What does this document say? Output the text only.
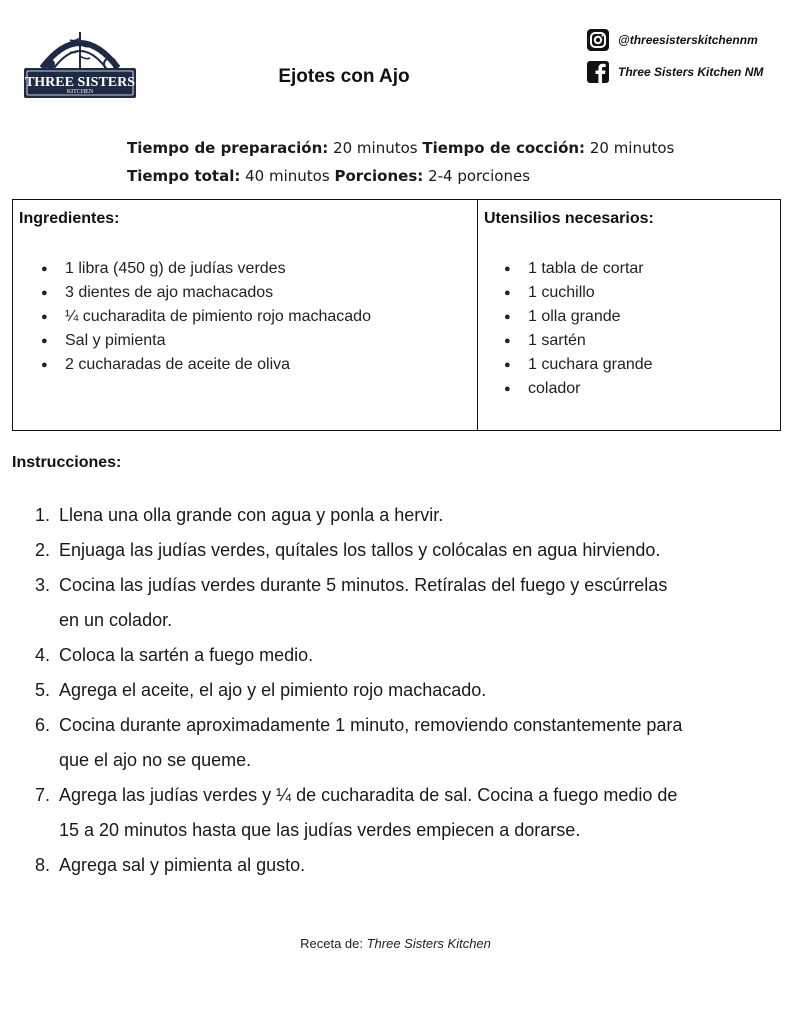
THREE SISTERS
KITCHEN
Ejotes con Ajo
@threesisterskitchennm
Three Sisters Kitchen NM
Tiempo de preparación: 20 minutos Tiempo de cocción: 20 minutos
Tiempo total: 40 minutos Porciones: 2-4 porciones
Ingredientes:
● 1 libra (450 g) de judías verdes
● 3 dientes de ajo machacados
● ¼ cucharadita de pimiento rojo machacado
● Sal y pimienta
● 2 cucharadas de aceite de oliva
Utensilios necesarios:
● 1 tabla de cortar
● 1 cuchillo
● 1 olla grande
● 1 sartén
● 1 cuchara grande
● colador
Instrucciones:
1. Llena una olla grande con agua y ponla a hervir.
2. Enjuaga las judías verdes, quítales los tallos y colócalas en agua hirviendo.
3. Cocina las judías verdes durante 5 minutos. Retíralas del fuego y escúrrelas
en un colador.
4. Coloca la sartén a fuego medio.
5. Agrega el aceite, el ajo y el pimiento rojo machacado.
6. Cocina durante aproximadamente 1 minuto, removiendo constantemente para
que el ajo no se queme.
7. Agrega las judías verdes y ¼ de cucharadita de sal. Cocina a fuego medio de
15 a 20 minutos hasta que las judías verdes empiecen a dorarse.
8. Agrega sal y pimienta al gusto.
Receta de: Three Sisters Kitchen
